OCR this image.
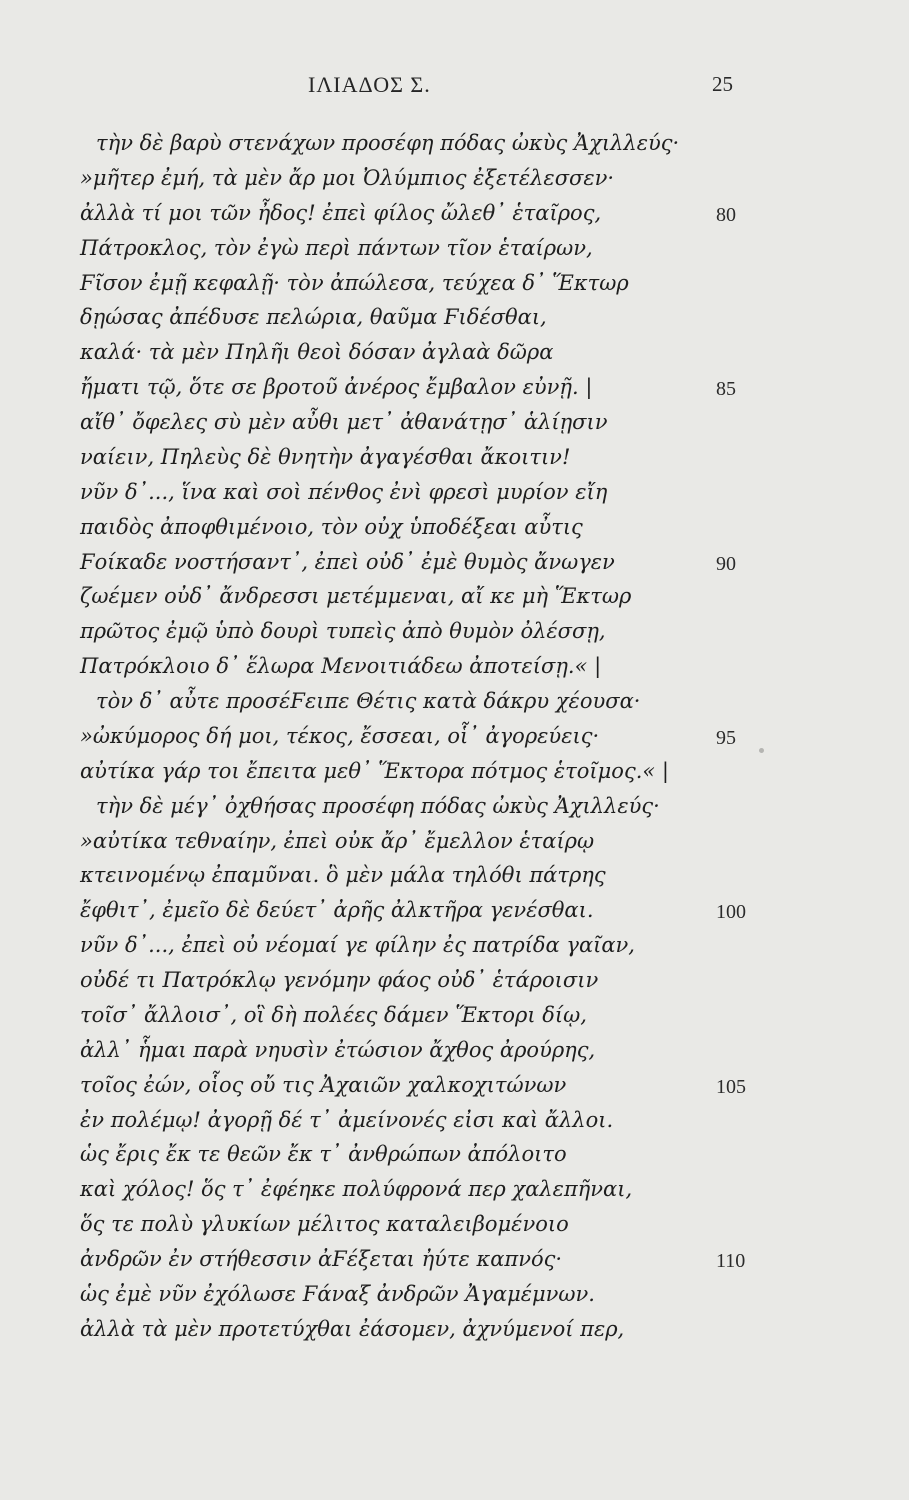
ΙΛΙΑΔΟΣ Σ.	25
τὴν δὲ βαρὺ στενάχων προσέφη πόδας ὠκὺς Ἀχιλλεύς·
»μῆτερ ἐμή, τὰ μὲν ἄρ μοι Ὀλύμπιος ἐξετέλεσσεν·
ἀλλὰ τί μοι τῶν ἦδος! ἐπεὶ φίλος ὤλεθ᾽ ἑταῖρος,	80
Πάτροκλος, τὸν ἐγὼ περὶ πάντων τῖον ἑταίρων,
Ϝῖσον ἐμῇ κεφαλῇ· τὸν ἀπώλεσα, τεύχεα δ᾽ Ἕκτωρ
δῃώσας ἀπέδυσε πελώρια, θαῦμα Ϝιδέσθαι,
καλά· τὰ μὲν Πηλῆι θεοὶ δόσαν ἀγλαὰ δῶρα
ἤματι τῷ, ὅτε σε βροτοῦ ἀνέρος ἔμβαλον εὐνῇ. |	85
αἴθ᾽ ὄφελες σὺ μὲν αὖθι μετ᾽ ἀθανάτῃσ᾽ ἁλίῃσιν
ναίειν, Πηλεὺς δὲ θνητὴν ἀγαγέσθαι ἄκοιτιν!
νῦν δ᾽..., ἵνα καὶ σοὶ πένθος ἐνὶ φρεσὶ μυρίον εἴη
παιδὸς ἀποφθιμένοιο, τὸν οὐχ ὑποδέξεαι αὖτις
Ϝοίκαδε νοστήσαντ᾽, ἐπεὶ οὐδ᾽ ἐμὲ θυμὸς ἄνωγεν	90
ζωέμεν οὐδ᾽ ἄνδρεσσι μετέμμεναι, αἴ κε μὴ Ἕκτωρ
πρῶτος ἐμῷ ὑπὸ δουρὶ τυπεὶς ἀπὸ θυμὸν ὀλέσσῃ,
Πατρόκλοιο δ᾽ ἕλωρα Μενοιτιάδεω ἀποτείσῃ.« |
τὸν δ᾽ αὖτε προσέϜειπε Θέτις κατὰ δάκρυ χέουσα·
»ὠκύμορος δή μοι, τέκος, ἔσσεαι, οἷ᾽ ἀγορεύεις·	95
αὐτίκα γάρ τοι ἔπειτα μεθ᾽ Ἕκτορα πότμος ἑτοῖμος.« |
τὴν δὲ μέγ᾽ ὀχθήσας προσέφη πόδας ὠκὺς Ἀχιλλεύς·
»αὐτίκα τεθναίην, ἐπεὶ οὐκ ἄρ᾽ ἔμελλον ἑταίρῳ
κτεινομένῳ ἐπαμῦναι. ὃ μὲν μάλα τηλόθι πάτρης
ἔφθιτ᾽, ἐμεῖο δὲ δεύετ᾽ ἀρῆς ἀλκτῆρα γενέσθαι.	100
νῦν δ᾽..., ἐπεὶ οὐ νέομαί γε φίλην ἐς πατρίδα γαῖαν,
οὐδέ τι Πατρόκλῳ γενόμην φάος οὐδ᾽ ἑτάροισιν
τοῖσ᾽ ἄλλοισ᾽, οἳ δὴ πολέες δάμεν Ἕκτορι δίῳ,
ἀλλ᾽ ἧμαι παρὰ νηυσὶν ἐτώσιον ἄχθος ἀρούρης,
τοῖος ἐών, οἷος οὔ τις Ἀχαιῶν χαλκοχιτώνων	105
ἐν πολέμῳ! ἀγορῇ δέ τ᾽ ἀμείνονές εἰσι καὶ ἄλλοι.
ὡς ἔρις ἔκ τε θεῶν ἔκ τ᾽ ἀνθρώπων ἀπόλοιτο
καὶ χόλος! ὅς τ᾽ ἐφέηκε πολύφρονά περ χαλεπῆναι,
ὅς τε πολὺ γλυκίων μέλιτος καταλειβομένοιο
ἀνδρῶν ἐν στήθεσσιν ἀϜέξεται ἠύτε καπνός·	110
ὡς ἐμὲ νῦν ἐχόλωσε Ϝάναξ ἀνδρῶν Ἀγαμέμνων.
ἀλλὰ τὰ μὲν προτετύχθαι ἐάσομεν, ἀχνύμενοί περ,
